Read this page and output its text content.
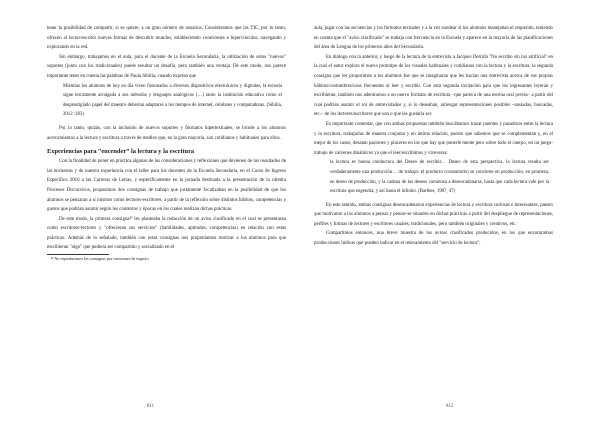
tener la posibilidad de compartir, si se quiere, a un gran número de usuarios. Consideramos que las TIC, por lo tanto, ofrecen al lector/escritor nuevas formas de descubrir mundos, estableciendo conexiones e hipervínculos, navegando y explorando en la red.

Sin embargo, trabajamos en el aula, para el docente de la Escuela Secundaria, la utilización de estos "nuevos" soportes (junto con los tradicionales) puede resultar un desafío, pero también una ventaja. De este modo, nos parece importante tener en cuenta las palabras de Paula Sibilia, cuando expresa que

Mientras los alumnos de hoy en día viven fusionados a diversos dispositivos electrónicos y digitales, la escuela sigue tercamente arraigada a sus métodos y lenguajes analógicos (…) tanto la institución educativa como el desprestigiado papel del maestro deberían adaptarse a los tiempos de internet, celulares y computadoras. (Sibilia, 2012 :183)

Por lo tanto, quizás, con la inclusión de nuevos soportes y formatos hipertextuales, se brinde a los alumnos acercamientos a la lectura y escritura a través de medios que, en la gran mayoría, son cotidianos y habituales para ellos.

Experiencias para “encender” la lectura y la escritura

Con la finalidad de poner en práctica algunas de las consideraciones y reflexiones que devienen de los resultados de las encuestas y de nuestra experiencia con el taller para los docentes de la Escuela Secundaria, en el Curso de Ingreso Específico 2016 a las Carreras de Letras, y específicamente en la jornada destinada a la presentación de la cátedra Procesos Discursivos, propusimos dos consignas de trabajo que justamente focalizaban en la posibilidad de que los alumnos se pensaran a sí mismos como lectores-escritores, a partir de la reflexión sobre distintos hábitos, competencias y gustos que podrían asumir según los contextos y épocas en los cuales realizan dichas prácticas.

De este modo, la primera consigna²³ les planteaba la redacción de un aviso clasificado en el cual se presentaran como escritores-lectores y "ofrecieran sus servicios" (habilidades, aptitudes, competencias) en relación con estas prácticas. Además de lo señalado, también con estas consignas nos proponíamos motivar a los alumnos para que escribieran "algo" que pudiera ser compartido y socializado en el

²³ No reproducimos las consignas por cuestiones de espacio

811

aula, jugar con las secuencias y los formatos textuales y a la vez sondear si los alumnos manejaban el requerido, teniendo en cuenta que el "aviso clasificado" se trabaja con frecuencia en la Escuela y aparece en la mayoría de las planificaciones del área de Lengua de los primeros años del Secundario.

En diálogo con la anterior, y luego de la lectura de la entrevista a Jacques Derrida "No escribo sin luz artificial" en la cual el autor explora el nuevo prototipo de los visuales habituales y cotidianos con la lectura y la escritura, la segunda consigna que les propusimos a los alumnos fue que se imaginaran que les hacían una entrevista acerca de sus propias hábitos/costumbres/usos frecuentes al leer y escribir. Con esta segunda invitación para que los ingresantes leyeran y escribieran, también nos adentramos a un nuevo formato de escritura –que parte/a de una escena oral previa– a partir del cual podrían asumir el rol de entrevistados y, si lo deseaban, arriesgar representaciones posibles –ansiadas, buscadas, etc.– de los lectores/escritores que son o que les gustaría ser.

Es importante comentar, que con ambas propuestas también buscábamos trazar puentes y pasadizos entre la lectura y la escritura, trabajarlas de manera conjunta y en íntima relación, puesto que sabemos que se complementan y, en el mejor de los casos, desatan pasiones y placeres en los que hay que ponerle mente pero sobre todo el cuerpo, en un juego-trabajo de vaivenes dinámicos ya que el leer/escribimos y viceversa:

la lectura es buena conductora del Deseo de escribir… Deseo de esta perspectiva, la lectura resulta ser verdaderamente una producción… de trabajo: el producto (consumido) se convierte en producción, en promesa, en deseo de producción, y la cadena de los deseos comienza a desencadenarse, hasta que cada lectura vale por la escritura que engendra, y así hasta el infinito. (Barthes, 1987, 47)

En este sentido, ambas consignas desencadenaron experiencias de lectura y escritura curiosas e interesantes, puesto que motivaron a los alumnos a pensar y pensar-se situados en dichas prácticas a partir del despliegue de representaciones, perfiles y formas de lectores y escritores usuales, tradicionales, pero también originales y creativos, etc.

Compartimos entonces, una breve muestra de los avisos clasificados producidos, en los que encontramos producciones lúdicas que pueden indicar en el relevamiento del "servicio de lectura":

812
